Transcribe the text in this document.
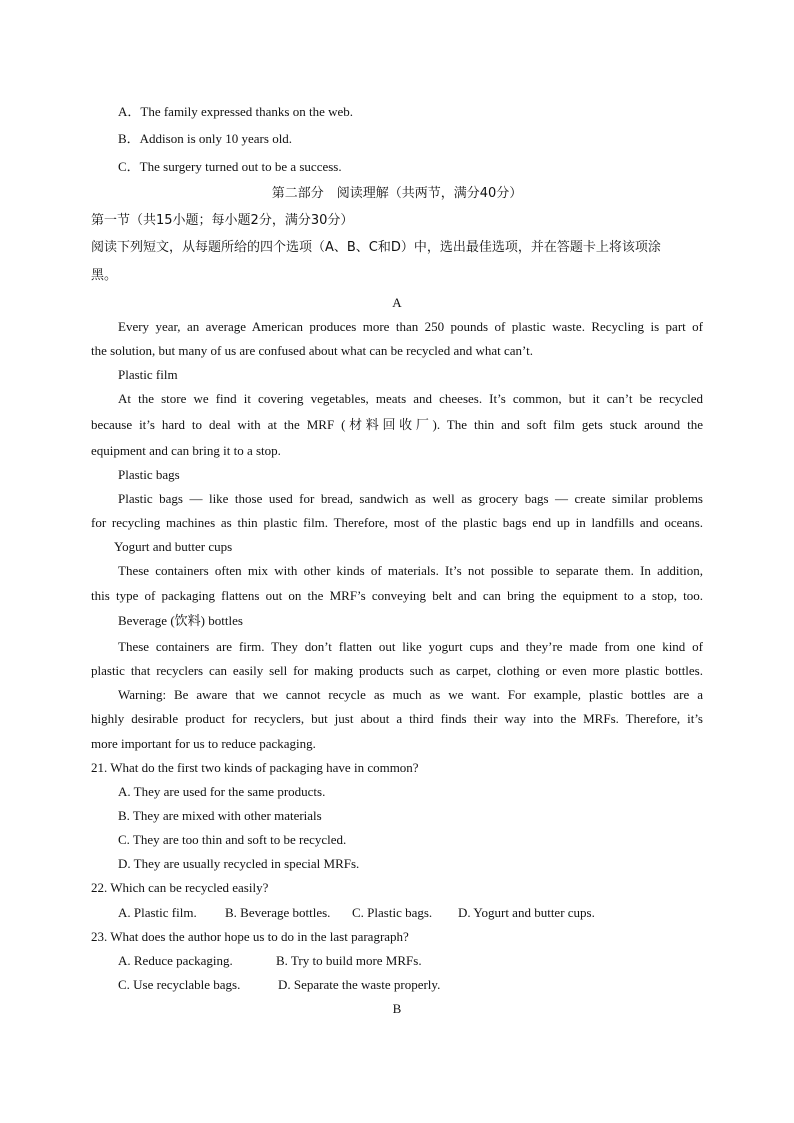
A．The family expressed thanks on the web.
B．Addison is only 10 years old.
C．The surgery turned out to be a success.
第二部分　阅读理解（共两节，满分40分）
第一节（共15小题；每小题2分，满分30分）
阅读下列短文，从每题所给的四个选项（A、B、C和D）中，选出最佳选项，并在答题卡上将该项涂
黑。
A
Every year, an average American produces more than 250 pounds of plastic waste. Recycling is part of
the solution, but many of us are confused about what can be recycled and what can’t.
Plastic film
At the store we find it covering vegetables, meats and cheeses. It’s common, but it can’t be recycled
because it’s hard to deal with at the MRF (材料回收厂). The thin and soft film gets stuck around the
equipment and can bring it to a stop.
Plastic bags
Plastic bags — like those used for bread, sandwich as well as grocery bags — create similar problems
for recycling machines as thin plastic film. Therefore, most of the plastic bags end up in landfills and oceans.
Yogurt and butter cups
These containers often mix with other kinds of materials. It’s not possible to separate them. In addition,
this type of packaging flattens out on the MRF’s conveying belt and can bring the equipment to a stop, too.
Beverage (饮料) bottles
These containers are firm. They don’t flatten out like yogurt cups and they’re made from one kind of
plastic that recyclers can easily sell for making products such as carpet, clothing or even more plastic bottles.
Warning: Be aware that we cannot recycle as much as we want. For example, plastic bottles are a
highly desirable product for recyclers, but just about a third finds their way into the MRFs. Therefore, it’s
more important for us to reduce packaging.
21. What do the first two kinds of packaging have in common?
A. They are used for the same products.
B. They are mixed with other materials
C. They are too thin and soft to be recycled.
D. They are usually recycled in special MRFs.
22. Which can be recycled easily?
A. Plastic film.	B. Beverage bottles.	C. Plastic bags.	D. Yogurt and butter cups.
23. What does the author hope us to do in the last paragraph?
A. Reduce packaging.	B. Try to build more MRFs.
C. Use recyclable bags.	D. Separate the waste properly.
B
